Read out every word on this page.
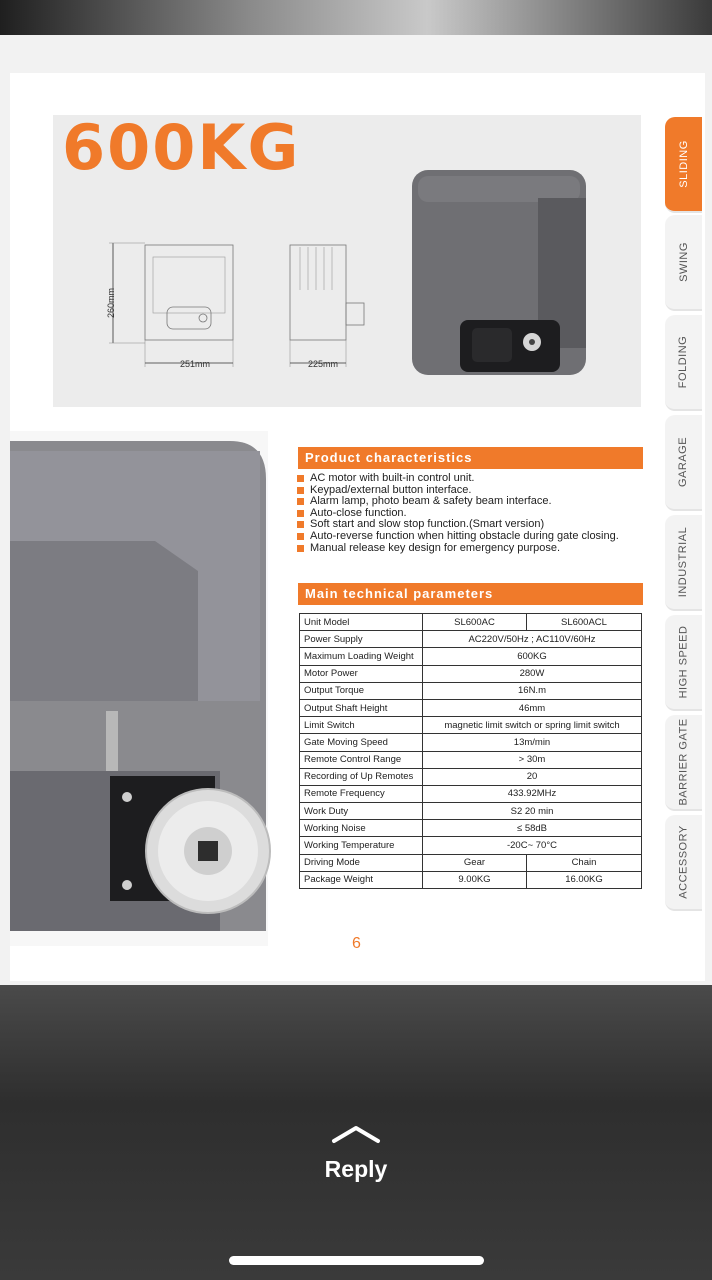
600KG
260mm
251mm	225mm
SLIDING
SWING
FOLDING
GARAGE
INDUSTRIAL
HIGH SPEED
BARRIER GATE
ACCESSORY
Product characteristics
AC motor with built-in control unit.
Keypad/external button interface.
Alarm lamp, photo beam & safety beam interface.
Auto-close function.
Soft start and slow stop function.(Smart version)
Auto-reverse function when hitting obstacle during gate closing.
Manual release key design for emergency purpose.
Main technical parameters
Unit Model	SL600AC	SL600ACL
Power Supply	AC220V/50Hz ; AC110V/60Hz	
Maximum Loading Weight	600KG	
Motor Power	280W	
Output Torque	16N.m	
Output Shaft Height	46mm	
Limit Switch	magnetic limit switch or spring limit switch	
Gate Moving Speed	13m/min	
Remote Control Range	> 30m	
Recording of Up Remotes	20	
Remote Frequency	433.92MHz	
Work Duty	S2 20 min	
Working Noise	≤ 58dB	
Working Temperature	-20C~ 70°C	
Driving Mode	Gear	Chain
Package Weight	9.00KG	16.00KG
6
Reply
